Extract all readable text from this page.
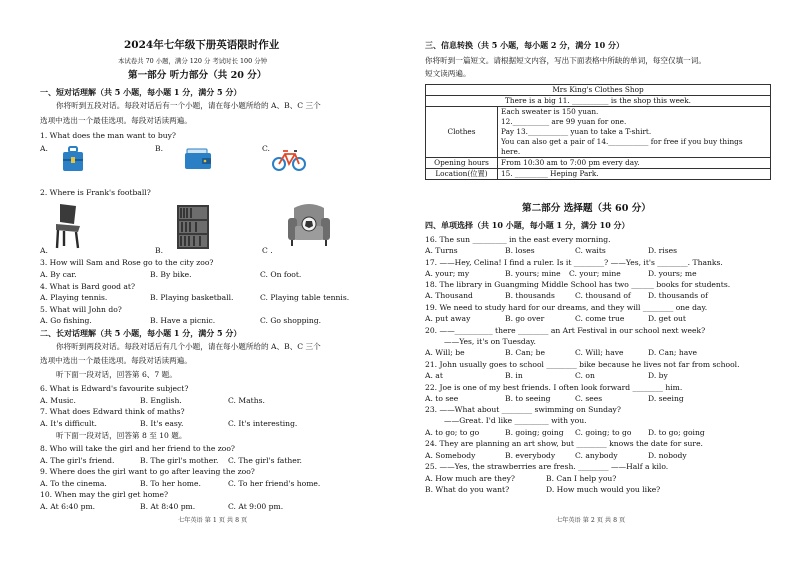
2024年七年级下册英语限时作业
本试卷共 70 小题，满分 120 分 考试时长 100 分钟
第一部分 听力部分（共 20 分）
一、短对话理解（共 5 小题，每小题 1 分，满分 5 分）
你将听到五段对话。每段对话后有一个小题，请在每小题所给的 A、B、C 三个
选项中选出一个最佳选项。每段对话读两遍。
1. What does the man want to buy?
A.	B.	C.
2. Where is Frank's football?
A.	B.	C .
3. How will Sam and Rose go to the city zoo?
A. By car.	B. By bike.	C. On foot.
4. What is Bard good at?
A. Playing tennis.	B. Playing basketball.	C. Playing table tennis.
5. What will John do?
A. Go fishing.	B. Have a picnic.	C. Go shopping.
二、长对话理解（共 5 小题，每小题 1 分，满分 5 分）
你将听到两段对话。每段对话后有几个小题，请在每小题所给的 A、B、C 三个
选项中选出一个最佳选项。每段对话读两遍。
听下面一段对话，回答第 6、7 题。
6. What is Edward's favourite subject?
A. Music.	B. English.	C. Maths.
7. What does Edward think of maths?
A. It's difficult.	B. It's easy.	C. It's interesting.
听下面一段对话，回答第 8 至 10 题。
8. Who will take the girl and her friend to the zoo?
A. The girl's friend.	B. The girl's mother. C. The girl's father.
9. Where does the girl want to go after leaving the zoo?
A. To the cinema.	B. To her home.	C. To her friend's home.
10. When may the girl get home?
A. At 6:40 pm.	B. At 8:40 pm.	C. At 9:00 pm.
七年英语 第 1 页 共 8 页
三、信息转换（共 5 小题，每小题 2 分，满分 10 分）
你将听到一篇短文。请根据短文内容，写出下面表格中所缺的单词，每空仅填一词。
短文读两遍。
Mrs King's Clothes Shop	
There is a big 11. __________ is the shop this week.	
Clothes	Each sweater is 150 yuan.
12.__________ are 99 yuan for one.
Pay 13.___________ yuan to take a T-shirt.
You can also get a pair of 14.___________ for free if you buy things
here.

Opening hours	From 10:30 am to 7:00 pm every day.
Location(位置)	15. _________ Heping Park.
第二部分 选择题（共 60 分）
四、单项选择（共 10 小题，每小题 1 分，满分 10 分）
16. The sun _________ in the east every morning.
A. Turns	B. loses	C. waits	D. rises
17. ——Hey, Celina! I find a ruler. Is it ________? ——Yes, it's ________. Thanks.
A. your; my	B. yours; mine C. your; mine	D. yours; me
18. The library in Guangming Middle School has two ______ books for students.
A. Thousand	B. thousands	C. thousand of D. thousands of
19. We need to study hard for our dreams, and they will ________ one day.
A. put away	B. go over	C. come true	D. get out
20. ——__________ there ________ an Art Festival in our school next week?
——Yes, it's on Tuesday.
A. Will; be	B. Can; be	C. Will; have	D. Can; have
21. John usually goes to school ________ bike because he lives not far from school.
A. at	B. in	C. on	D. by
22. Joe is one of my best friends. I often look forward ________ him.
A. to see	B. to seeing	C. sees	D. seeing
23. ——What about ________ swimming on Sunday?
——Great. I'd like _________ with you.
A. to go; to go	B. going; going C. going; to go D. to go; going
24. They are planning an art show, but ________ knows the date for sure.
A. Somebody	B. everybody	C. anybody	D. nobody
25. ——Yes, the strawberries are fresh. ________ ——Half a kilo.
A. How much are they?	B. Can I help you?
B. What do you want?	D. How much would you like?
七年英语 第 2 页 共 8 页
